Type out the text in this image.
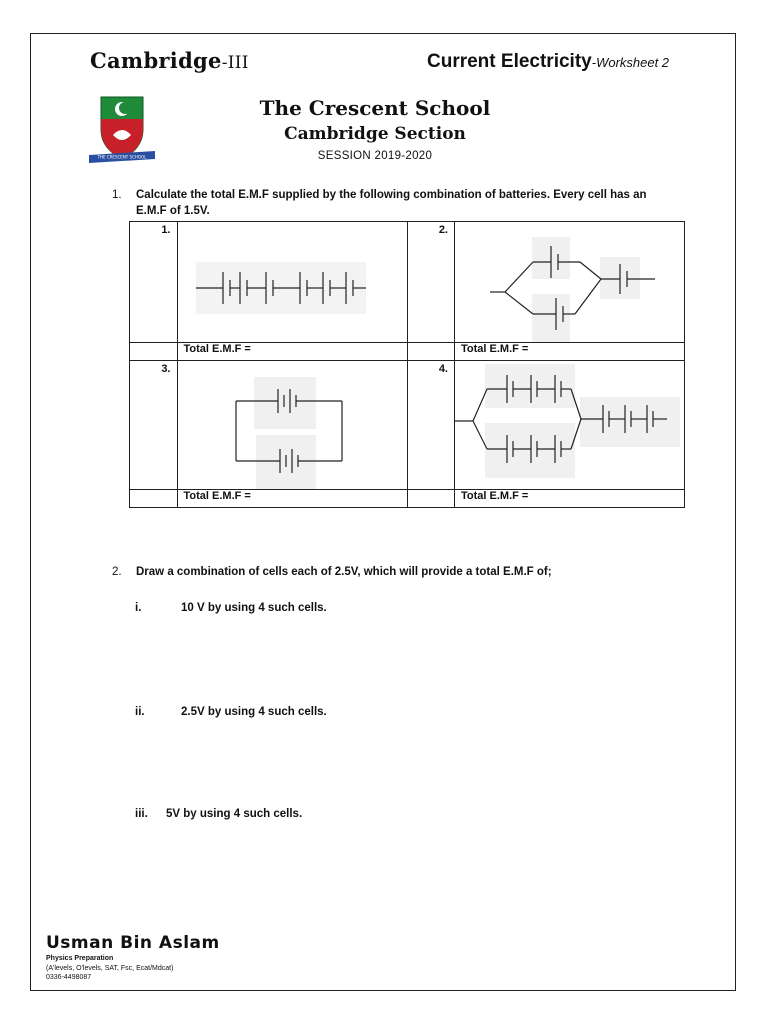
Cambridge-III	Current Electricity-Worksheet 2
THE CRESCENT SCHOOL
The Crescent School
Cambridge Section
SESSION 2019-2020
1. Calculate the total E.M.F supplied by the following combination of batteries. Every cell has an
E.M.F of 1.5V.
1.		2.	

	Total E.M.F =		Total E.M.F =
3.		4.	

	Total E.M.F =		Total E.M.F =
2. Draw a combination of cells each of 2.5V, which will provide a total E.M.F of;
i.	10 V by using 4 such cells.
ii.	2.5V by using 4 such cells.
iii. 5V by using 4 such cells.
Usman Bin Aslam
Physics Preparation
(A'levels, O'levels, SAT, Fsc, Ecat/Mdcat)
0336-4498087
